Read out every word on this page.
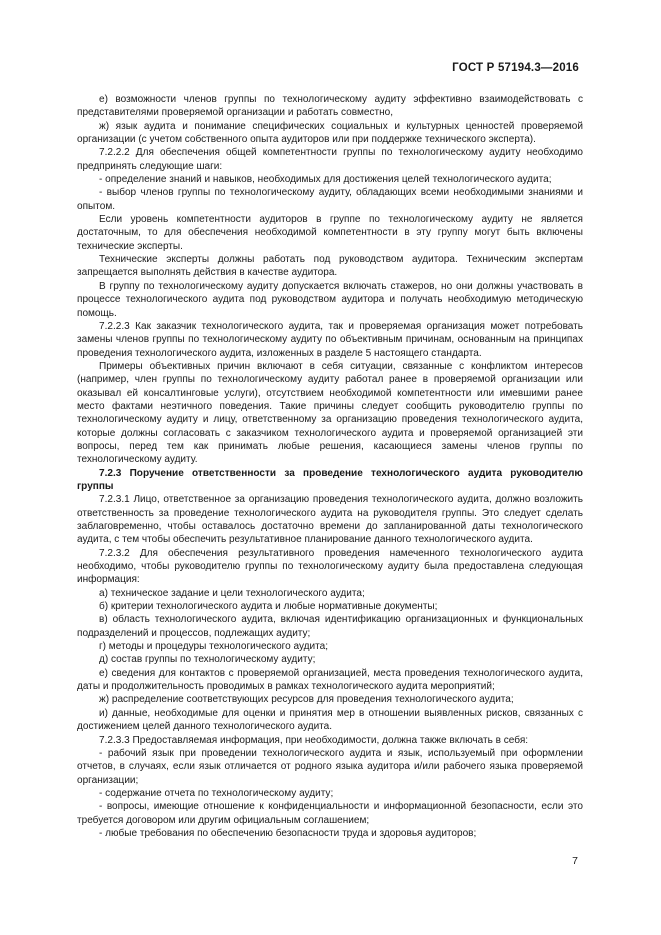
ГОСТ Р 57194.3—2016

е) возможности членов группы по технологическому аудиту эффективно взаимодействовать с представителями проверяемой организации и работать совместно,

ж) язык аудита и понимание специфических социальных и культурных ценностей проверяемой организации (с учетом собственного опыта аудиторов или при поддержке технического эксперта).

7.2.2.2 Для обеспечения общей компетентности группы по технологическому аудиту необходимо предпринять следующие шаги:

- определение знаний и навыков, необходимых для достижения целей технологического аудита;

- выбор членов группы по технологическому аудиту, обладающих всеми необходимыми знаниями и опытом.

Если уровень компетентности аудиторов в группе по технологическому аудиту не является достаточным, то для обеспечения необходимой компетентности в эту группу могут быть включены технические эксперты.

Технические эксперты должны работать под руководством аудитора. Техническим экспертам запрещается выполнять действия в качестве аудитора.

В группу по технологическому аудиту допускается включать стажеров, но они должны участвовать в процессе технологического аудита под руководством аудитора и получать необходимую методическую помощь.

7.2.2.3 Как заказчик технологического аудита, так и проверяемая организация может потребовать замены членов группы по технологическому аудиту по объективным причинам, основанным на принципах проведения технологического аудита, изложенных в разделе 5 настоящего стандарта.

Примеры объективных причин включают в себя ситуации, связанные с конфликтом интересов (например, член группы по технологическому аудиту работал ранее в проверяемой организации или оказывал ей консалтинговые услуги), отсутствием необходимой компетентности или имевшими ранее место фактами неэтичного поведения. Такие причины следует сообщить руководителю группы по технологическому аудиту и лицу, ответственному за организацию проведения технологического аудита, которые должны согласовать с заказчиком технологического аудита и проверяемой организацией эти вопросы, перед тем как принимать любые решения, касающиеся замены членов группы по технологическому аудиту.

7.2.3 Поручение ответственности за проведение технологического аудита руководителю группы

7.2.3.1 Лицо, ответственное за организацию проведения технологического аудита, должно возложить ответственность за проведение технологического аудита на руководителя группы. Это следует сделать заблаговременно, чтобы оставалось достаточно времени до запланированной даты технологического аудита, с тем чтобы обеспечить результативное планирование данного технологического аудита.

7.2.3.2 Для обеспечения результативного проведения намеченного технологического аудита необходимо, чтобы руководителю группы по технологическому аудиту была предоставлена следующая информация:

а) техническое задание и цели технологического аудита;

б) критерии технологического аудита и любые нормативные документы;

в) область технологического аудита, включая идентификацию организационных и функциональных подразделений и процессов, подлежащих аудиту;

г) методы и процедуры технологического аудита;

д) состав группы по технологическому аудиту;

е) сведения для контактов с проверяемой организацией, места проведения технологического аудита, даты и продолжительность проводимых в рамках технологического аудита мероприятий;

ж) распределение соответствующих ресурсов для проведения технологического аудита;

и) данные, необходимые для оценки и принятия мер в отношении выявленных рисков, связанных с достижением целей данного технологического аудита.

7.2.3.3 Предоставляемая информация, при необходимости, должна также включать в себя:

- рабочий язык при проведении технологического аудита и язык, используемый при оформлении отчетов, в случаях, если язык отличается от родного языка аудитора и/или рабочего языка проверяемой организации;

- содержание отчета по технологическому аудиту;

- вопросы, имеющие отношение к конфиденциальности и информационной безопасности, если это требуется договором или другим официальным соглашением;

- любые требования по обеспечению безопасности труда и здоровья аудиторов;

7
